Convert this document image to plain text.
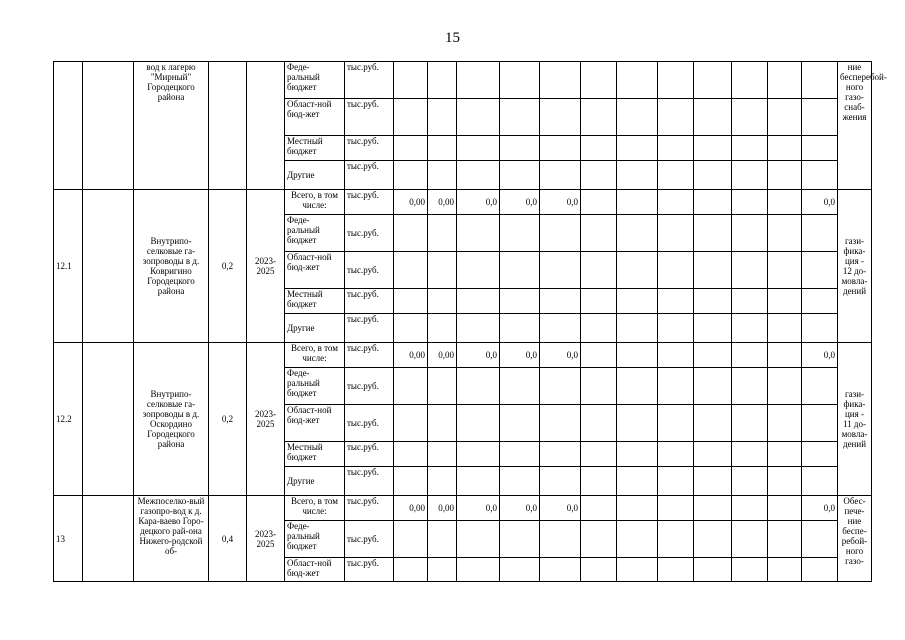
15
		вод к лагерю "Мирный" Городецкого района			Феде-ральный бюджет	тыс.руб.													ние бесперебой-ного газо-снаб-жения
					Област-ной бюд-жет	тыс.руб.													
					Местный бюджет	тыс.руб.													
					Другие	тыс.руб.													
12.1		Внутрипо-селковые га-зопроводы в д. Ковригино Городецкого района	0,2	2023-2025	Всего, в том числе:	тыс.руб.	0,00	0,00	0,0	0,0	0,0							0,0	гази-фика-ция - 12 до-мовла-дений
					Феде-ральный бюджет	тыс.руб.													
					Област-ной бюд-жет	тыс.руб.													
					Местный бюджет	тыс.руб.													
					Другие	тыс.руб.													
12.2		Внутрипо-селковые га-зопроводы в д. Оскордино Городецкого района	0,2	2023-2025	Всего, в том числе:	тыс.руб.	0,00	0,00	0,0	0,0	0,0							0,0	гази-фика-ция - 11 до-мовла-дений
					Феде-ральный бюджет	тыс.руб.													
					Област-ной бюд-жет	тыс.руб.													
					Местный бюджет	тыс.руб.													
					Другие	тыс.руб.													
13		Межпоселко-вый газопро-вод к д. Кара-ваево Горо-децкого рай-она Нижего-родской об-	0,4	2023-2025	Всего, в том числе:	тыс.руб.	0,00	0,00	0,0	0,0	0,0							0,0	Обес-пече-ние беспе-ребой-ного газо-
					Феде-ральный бюджет	тыс.руб.													
					Област-ной бюд-жет	тыс.руб.													
